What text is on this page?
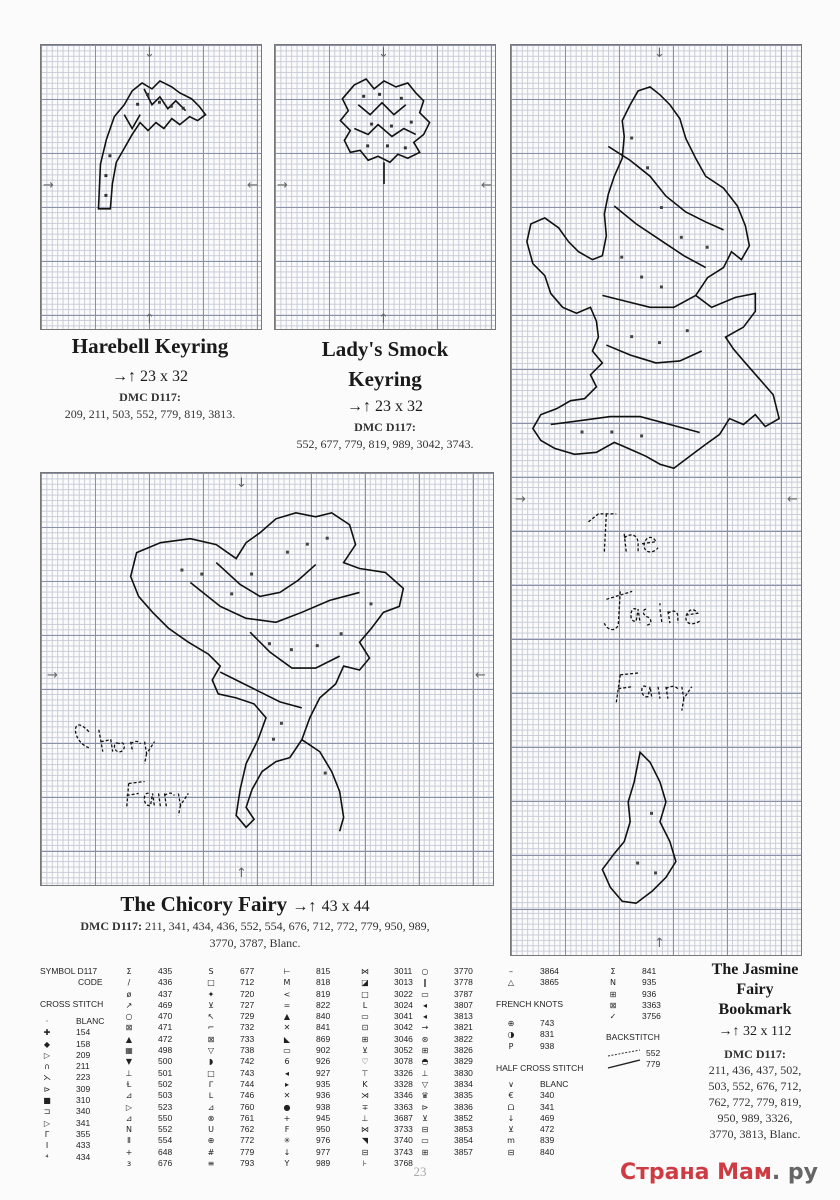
↓
↑
→	←
↓
↑
→	←
Harebell Keyring
→↑ 23 x 32
DMC D117:
209, 211, 503, 552, 779, 819, 3813.
Lady's Smock
Keyring
→↑ 23 x 32
DMC D117:
552, 677, 779, 819, 989, 3042, 3743.
↓
↑
→	←
The Chicory Fairy →↑ 43 x 44
DMC D117: 211, 341, 434, 436, 552, 554, 676, 712, 772, 779, 950, 989,
3770, 3787, Blanc.
↓
↑
→	←
The Jasmine
Fairy
Bookmark
→↑ 32 x 112
DMC D117:
211, 436, 437, 502,
503, 552, 676, 712,
762, 772, 779, 819,
950, 989, 3326,
3770, 3813, Blanc.
SYMBOL D117
CODE
CROSS STITCH
·	BLANC
✚	154
◆	158
▷	209
∩	211
⋋	223
⊳	309
■	310
⊐	340
▷	341
Γ	355
Ι	433
⁴	434
Σ	435
/	436
ø	437
↗	469
○	470
⊠	471
▲	472
▦	498
▼	500
⊥	501
Ɫ	502
⊿	503
▷	523
⊿	550
N	552
Ⅱ	554
+	648
з	676
S	677
□	712
✦	720
⊻	727
↖	729
⌐	732
⊠	733
▽	738
◗	742
□	743
ᒥ	744
ᒪ	746
⊿	760
⊗	761
U	762
⊕	772
#	779
≡	793
⊢	815
M	818
<	819
=	822
▲	840
✕	841
◣	869
▭	902
6	926
◂	927
▸	935
✕	936
●	938
+	945
F	950
✳	976
↓	977
Y	989
⋈	3011
◪	3013
□	3022
L	3024
▭	3041
⊡	3042
⊞	3046
⊻	3052
♡	3078
⊤	3326
K	3328
⋊	3346
∓	3363
⊥	3687
⋈	3733
◥	3740
⊟	3743
⊦	3768
○	3770
‖	3778
▭	3787
◂	3807
◂	3813
→	3821
⊛	3822
⊞	3826
◓	3829
⊥	3830
▽	3834
♛	3835
⊳	3836
⊻	3852
⊟	3853
▭	3854
⊞	3857
–	3864
△	3865
FRENCH KNOTS
⊕	743
◑	831
P	938
HALF CROSS STITCH
∨	BLANC
€	340
ᗝ	341
↓	469
⊻	472
m	839
⊟	840
Σ	841
N	935
⊞	936
⊠	3363
✓	3756
BACKSTITCH
552
779
23	Страна Мам. ру
